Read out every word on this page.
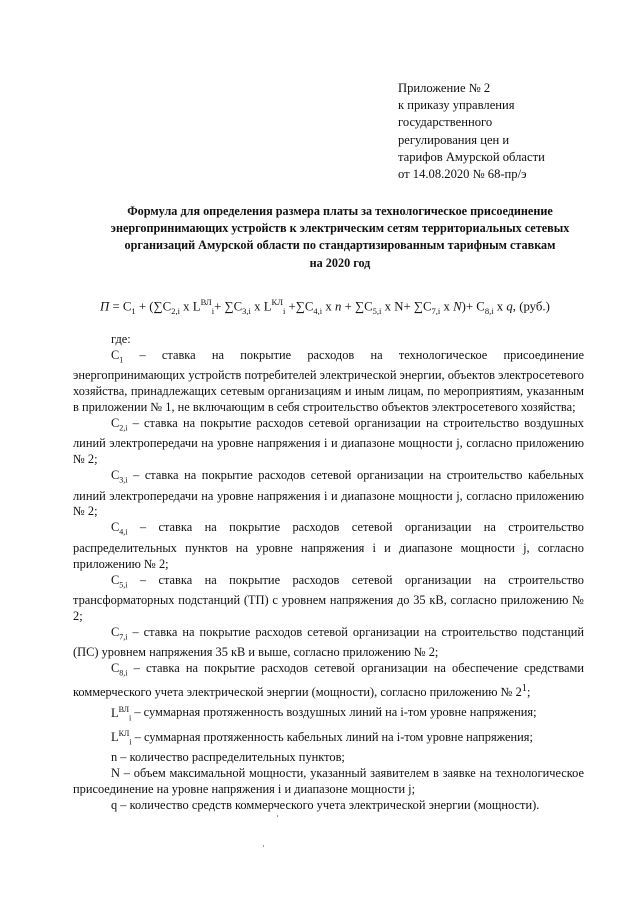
Приложение № 2
к приказу управления
государственного
регулирования цен и
тарифов Амурской области
от 14.08.2020 № 68-пр/э
Формула для определения размера платы за технологическое присоединение
энергопринимающих устройств к электрическим сетям территориальных сетевых
организаций Амурской области по стандартизированным тарифным ставкам
на 2020 год
$П = C_1 + (\sum C_{2,i}$ х $L^{ВЛ}_i+ \sum C_{3,i}$ х $L^{КЛ}_i +\sum C_{4,i}$ х $n + \sum C_{5,i}$ х $N+ \sum C_{7,i}$ х $N)+ C_{8,i}$ х q, (руб.)

где:

$С_1$ – ставка на покрытие расходов на технологическое присоединение энергопринимающих устройств потребителей электрической энергии, объектов электросетевого хозяйства, принадлежащих сетевым организациям и иным лицам, по мероприятиям, указанным в приложении № 1, не включающим в себя строительство объектов электросетевого хозяйства;

$С_{2,i}$ – ставка на покрытие расходов сетевой организации на строительство воздушных линий электропередачи на уровне напряжения i и диапазоне мощности j, согласно приложению № 2;

$С_{3,i}$ – ставка на покрытие расходов сетевой организации на строительство кабельных линий электропередачи на уровне напряжения i и диапазоне мощности j, согласно приложению № 2;

$С_{4,i}$ – ставка на покрытие расходов сетевой организации на строительство распределительных пунктов на уровне напряжения i и диапазоне мощности j, согласно приложению № 2;

$С_{5,i}$ – ставка на покрытие расходов сетевой организации на строительство трансформаторных подстанций (ТП) с уровнем напряжения до 35 кВ, согласно приложению № 2;

$С_{7,i}$ – ставка на покрытие расходов сетевой организации на строительство подстанций (ПС) уровнем напряжения 35 кВ и выше, согласно приложению № 2;

$С_{8,i}$ – ставка на покрытие расходов сетевой организации на обеспечение средствами коммерческого учета электрической энергии (мощности), согласно приложению № $2^1$;

$L^{ВЛ}_i$ – суммарная протяженность воздушных линий на i-том уровне напряжения;

$L^{КЛ}_i$ – суммарная протяженность кабельных линий на i-том уровне напряжения;

n – количество распределительных пунктов;

N – объем максимальной мощности, указанный заявителем в заявке на технологическое присоединение на уровне напряжения i и диапазоне мощности j;

q – количество средств коммерческого учета электрической энергии (мощности).
